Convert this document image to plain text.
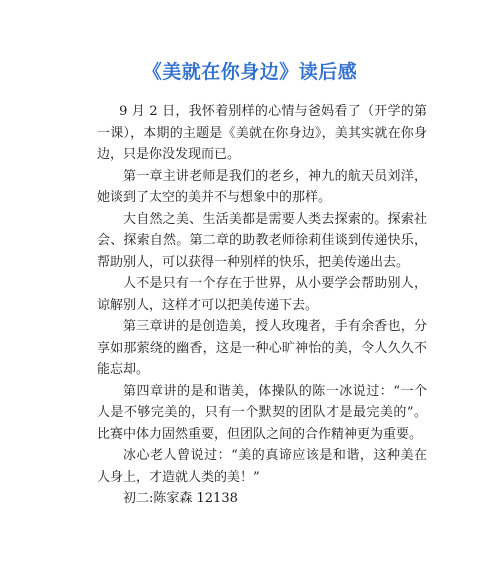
《美就在你身边》读后感

9 月 2 日，我怀着别样的心情与爸妈看了（开学的第一课），本期的主题是《美就在你身边》，美其实就在你身边，只是你没发现而已。

第一章主讲老师是我们的老乡，神九的航天员刘洋，她谈到了太空的美并不与想象中的那样。

大自然之美、生活美都是需要人类去探索的。探索社会、探索自然。第二章的助教老师徐莉佳谈到传递快乐，帮助别人，可以获得一种别样的快乐，把美传递出去。

人不是只有一个存在于世界，从小要学会帮助别人，谅解别人，这样才可以把美传递下去。

第三章讲的是创造美，授人玫瑰者，手有余香也，分享如那萦绕的幽香，这是一种心旷神怡的美，令人久久不能忘却。

第四章讲的是和谐美，体操队的陈一冰说过：“一个人是不够完美的，只有一个默契的团队才是最完美的”。比赛中体力固然重要，但团队之间的合作精神更为重要。

冰心老人曾说过：“美的真谛应该是和谐，这种美在人身上，才造就人类的美！”

初二:陈家森 12138
